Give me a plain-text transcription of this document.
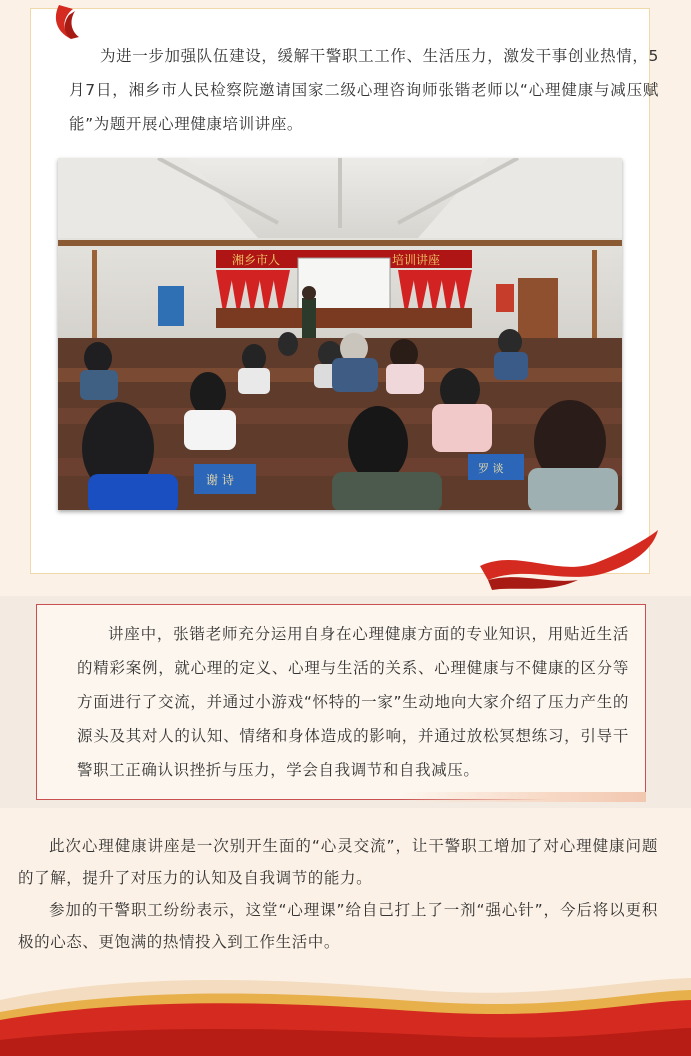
为进一步加强队伍建设，缓解干警职工工作、生活压力，激发干事创业热情，5月7日，湘乡市人民检察院邀请国家二级心理咨询师张锴老师以“心理健康与减压赋能”为题开展心理健康培训讲座。

湘乡市人	培训讲座
谢 诗
罗 谈

讲座中，张锴老师充分运用自身在心理健康方面的专业知识，用贴近生活的精彩案例，就心理的定义、心理与生活的关系、心理健康与不健康的区分等方面进行了交流，并通过小游戏“怀特的一家”生动地向大家介绍了压力产生的源头及其对人的认知、情绪和身体造成的影响，并通过放松冥想练习，引导干警职工正确认识挫折与压力，学会自我调节和自我减压。

此次心理健康讲座是一次别开生面的“心灵交流”，让干警职工增加了对心理健康问题的了解，提升了对压力的认知及自我调节的能力。

参加的干警职工纷纷表示，这堂“心理课”给自己打上了一剂“强心针”，今后将以更积极的心态、更饱满的热情投入到工作生活中。
